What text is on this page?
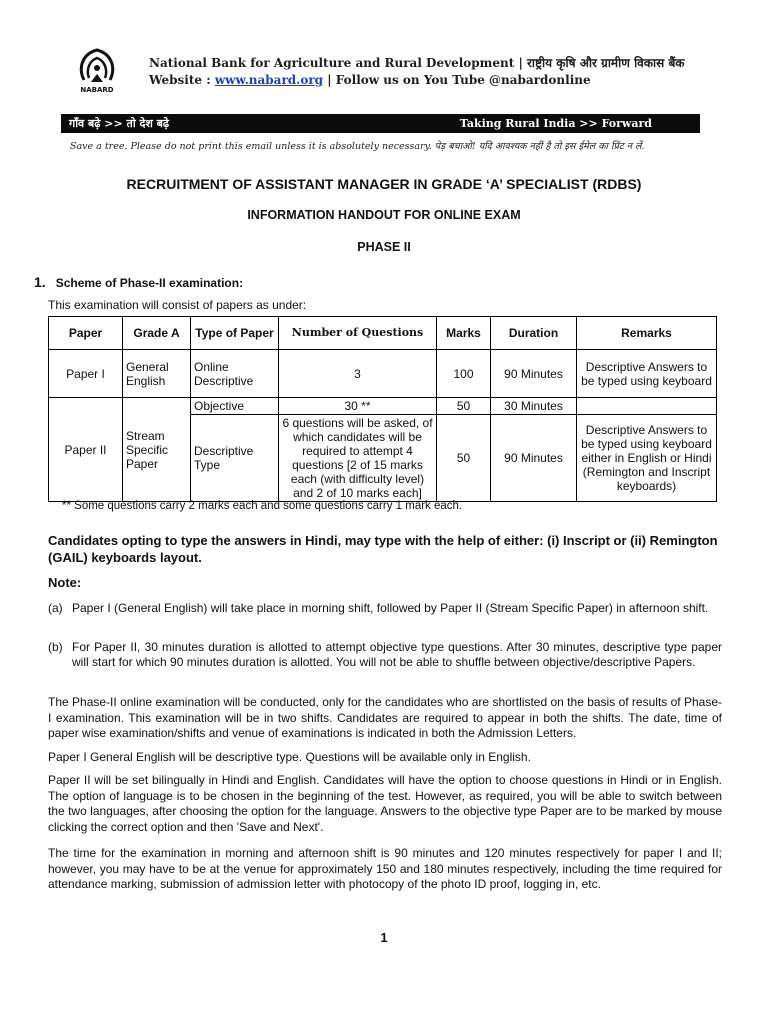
NABARD
National Bank for Agriculture and Rural Development | राष्ट्रीय कृषि और ग्रामीण विकास बैंक
Website : www.nabard.org | Follow us on You Tube @nabardonline
गाँव बढ़े >> तो देश बढ़े	Taking Rural India >> Forward
Save a tree. Please do not print this email unless it is absolutely necessary. पेड़ बचाओ! यदि आवश्यक नहीं है तो इस ईमेल का प्रिंट न लें.
RECRUITMENT OF ASSISTANT MANAGER IN GRADE ‘A’ SPECIALIST (RDBS)
INFORMATION HANDOUT FOR ONLINE EXAM
PHASE II
1. Scheme of Phase-II examination:
This examination will consist of papers as under:
Paper	Grade A	Type of Paper	Number of Questions	Marks	Duration	Remarks
Paper I	General English	Online Descriptive	3	100	90 Minutes	Descriptive Answers to be typed using keyboard
Paper II	Stream Specific Paper	Objective	30 **	50	30 Minutes	
		Descriptive Type	6 questions will be asked, of which candidates will be required to attempt 4 questions [2 of 15 marks each (with difficulty level) and 2 of 10 marks each]	50	90 Minutes	Descriptive Answers to be typed using keyboard either in English or Hindi (Remington and Inscript keyboards)
** Some questions carry 2 marks each and some questions carry 1 mark each.
Candidates opting to type the answers in Hindi, may type with the help of either: (i) Inscript or (ii) Remington (GAIL) keyboards layout.
Note:
(a) Paper I (General English) will take place in morning shift, followed by Paper II (Stream Specific Paper) in afternoon shift.
(b) For Paper II, 30 minutes duration is allotted to attempt objective type questions. After 30 minutes, descriptive type paper will start for which 90 minutes duration is allotted. You will not be able to shuffle between objective/descriptive Papers.
The Phase-II online examination will be conducted, only for the candidates who are shortlisted on the basis of results of Phase-I examination. This examination will be in two shifts. Candidates are required to appear in both the shifts. The date, time of paper wise examination/shifts and venue of examinations is indicated in both the Admission Letters.
Paper I General English will be descriptive type. Questions will be available only in English.
Paper II will be set bilingually in Hindi and English. Candidates will have the option to choose questions in Hindi or in English. The option of language is to be chosen in the beginning of the test. However, as required, you will be able to switch between the two languages, after choosing the option for the language. Answers to the objective type Paper are to be marked by mouse clicking the correct option and then 'Save and Next'.
The time for the examination in morning and afternoon shift is 90 minutes and 120 minutes respectively for paper I and II; however, you may have to be at the venue for approximately 150 and 180 minutes respectively, including the time required for attendance marking, submission of admission letter with photocopy of the photo ID proof, logging in, etc.
1
